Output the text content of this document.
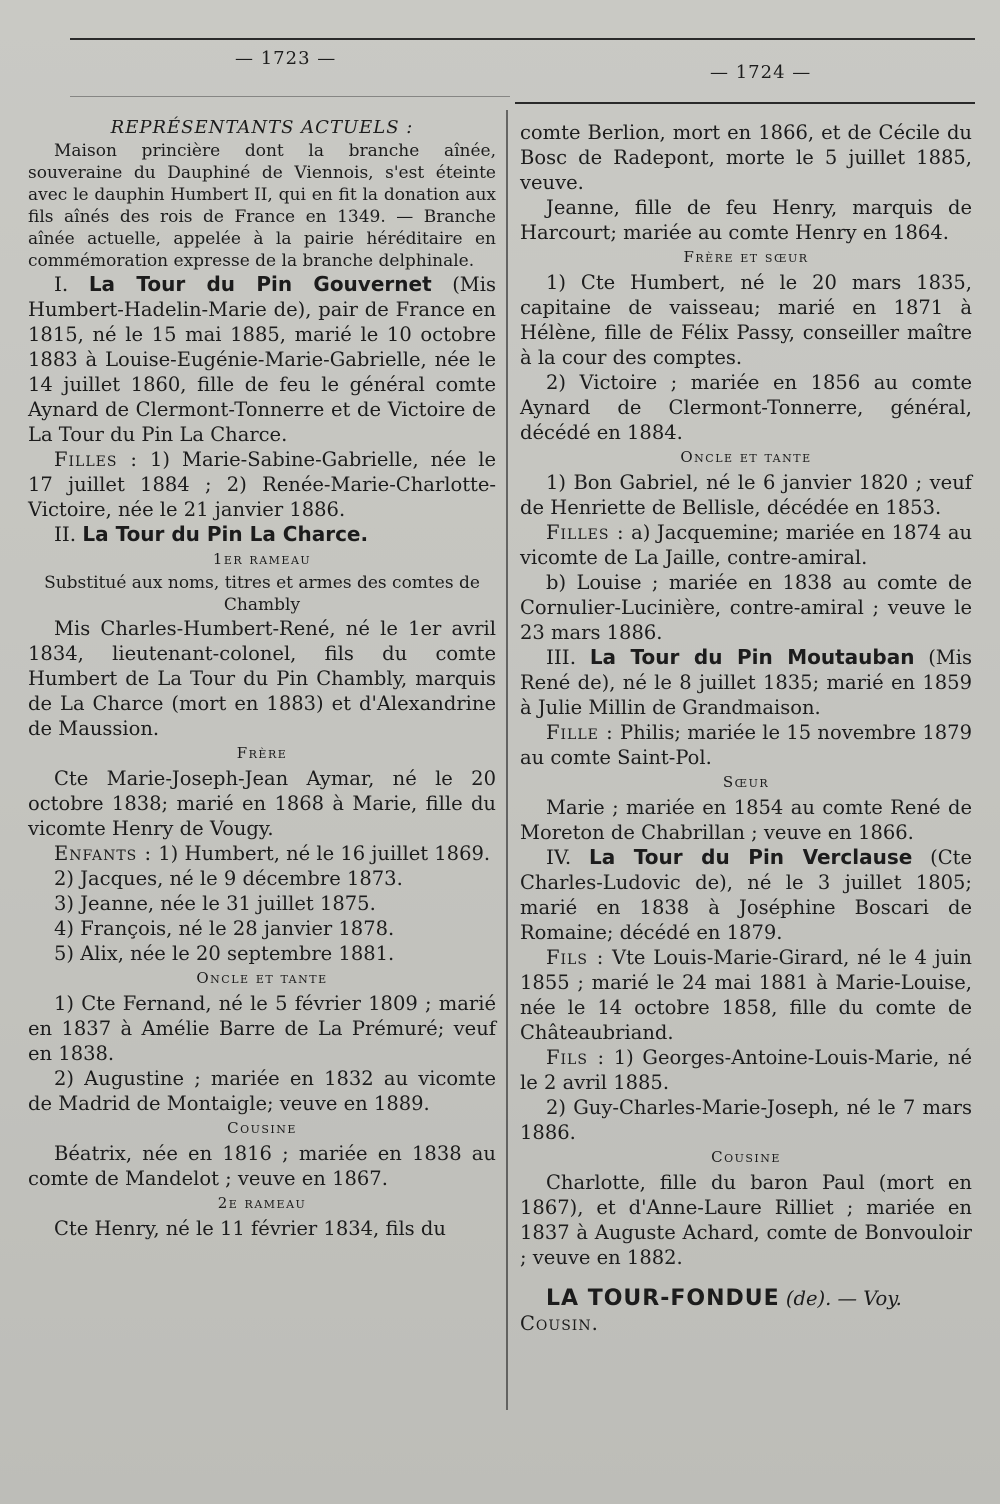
— 1723 —
— 1724 —

REPRÉSENTANTS ACTUELS :

Maison princière dont la branche aînée, souveraine du Dauphiné de Viennois, s'est éteinte avec le dauphin Humbert II, qui en fit la donation aux fils aînés des rois de France en 1349. — Branche aînée actuelle, appelée à la pairie héréditaire en commémoration expresse de la branche delphinale.

I. La Tour du Pin Gouvernet (Mis Humbert-Hadelin-Marie de), pair de France en 1815, né le 15 mai 1885, marié le 10 octobre 1883 à Louise-Eugénie-Marie-Gabrielle, née le 14 juillet 1860, fille de feu le général comte Aynard de Clermont-Tonnerre et de Victoire de La Tour du Pin La Charce.

Filles : 1) Marie-Sabine-Gabrielle, née le 17 juillet 1884 ; 2) Renée-Marie-Charlotte-Victoire, née le 21 janvier 1886.

II. La Tour du Pin La Charce.

1er rameau

Substitué aux noms, titres et armes des comtes de Chambly

Mis Charles-Humbert-René, né le 1er avril 1834, lieutenant-colonel, fils du comte Humbert de La Tour du Pin Chambly, marquis de La Charce (mort en 1883) et d'Alexandrine de Maussion.

Frère

Cte Marie-Joseph-Jean Aymar, né le 20 octobre 1838; marié en 1868 à Marie, fille du vicomte Henry de Vougy.

Enfants : 1) Humbert, né le 16 juillet 1869.

2) Jacques, né le 9 décembre 1873.

3) Jeanne, née le 31 juillet 1875.

4) François, né le 28 janvier 1878.

5) Alix, née le 20 septembre 1881.

Oncle et tante

1) Cte Fernand, né le 5 février 1809 ; marié en 1837 à Amélie Barre de La Prémuré; veuf en 1838.

2) Augustine ; mariée en 1832 au vicomte de Madrid de Montaigle; veuve en 1889.

Cousine

Béatrix, née en 1816 ; mariée en 1838 au comte de Mandelot ; veuve en 1867.

2e rameau

Cte Henry, né le 11 février 1834, fils du

comte Berlion, mort en 1866, et de Cécile du Bosc de Radepont, morte le 5 juillet 1885, veuve.

Jeanne, fille de feu Henry, marquis de Harcourt; mariée au comte Henry en 1864.

Frère et sœur

1) Cte Humbert, né le 20 mars 1835, capitaine de vaisseau; marié en 1871 à Hélène, fille de Félix Passy, conseiller maître à la cour des comptes.

2) Victoire ; mariée en 1856 au comte Aynard de Clermont-Tonnerre, général, décédé en 1884.

Oncle et tante

1) Bon Gabriel, né le 6 janvier 1820 ; veuf de Henriette de Bellisle, décédée en 1853.

Filles : a) Jacquemine; mariée en 1874 au vicomte de La Jaille, contre-amiral.

b) Louise ; mariée en 1838 au comte de Cornulier-Lucinière, contre-amiral ; veuve le 23 mars 1886.

III. La Tour du Pin Moutauban (Mis René de), né le 8 juillet 1835; marié en 1859 à Julie Millin de Grandmaison.

Fille : Philis; mariée le 15 novembre 1879 au comte Saint-Pol.

Sœur

Marie ; mariée en 1854 au comte René de Moreton de Chabrillan ; veuve en 1866.

IV. La Tour du Pin Verclause (Cte Charles-Ludovic de), né le 3 juillet 1805; marié en 1838 à Joséphine Boscari de Romaine; décédé en 1879.

Fils : Vte Louis-Marie-Girard, né le 4 juin 1855 ; marié le 24 mai 1881 à Marie-Louise, née le 14 octobre 1858, fille du comte de Châteaubriand.

Fils : 1) Georges-Antoine-Louis-Marie, né le 2 avril 1885.

2) Guy-Charles-Marie-Joseph, né le 7 mars 1886.

Cousine

Charlotte, fille du baron Paul (mort en 1867), et d'Anne-Laure Rilliet ; mariée en 1837 à Auguste Achard, comte de Bonvouloir ; veuve en 1882.

LA TOUR-FONDUE (de). — Voy.

Cousin.
